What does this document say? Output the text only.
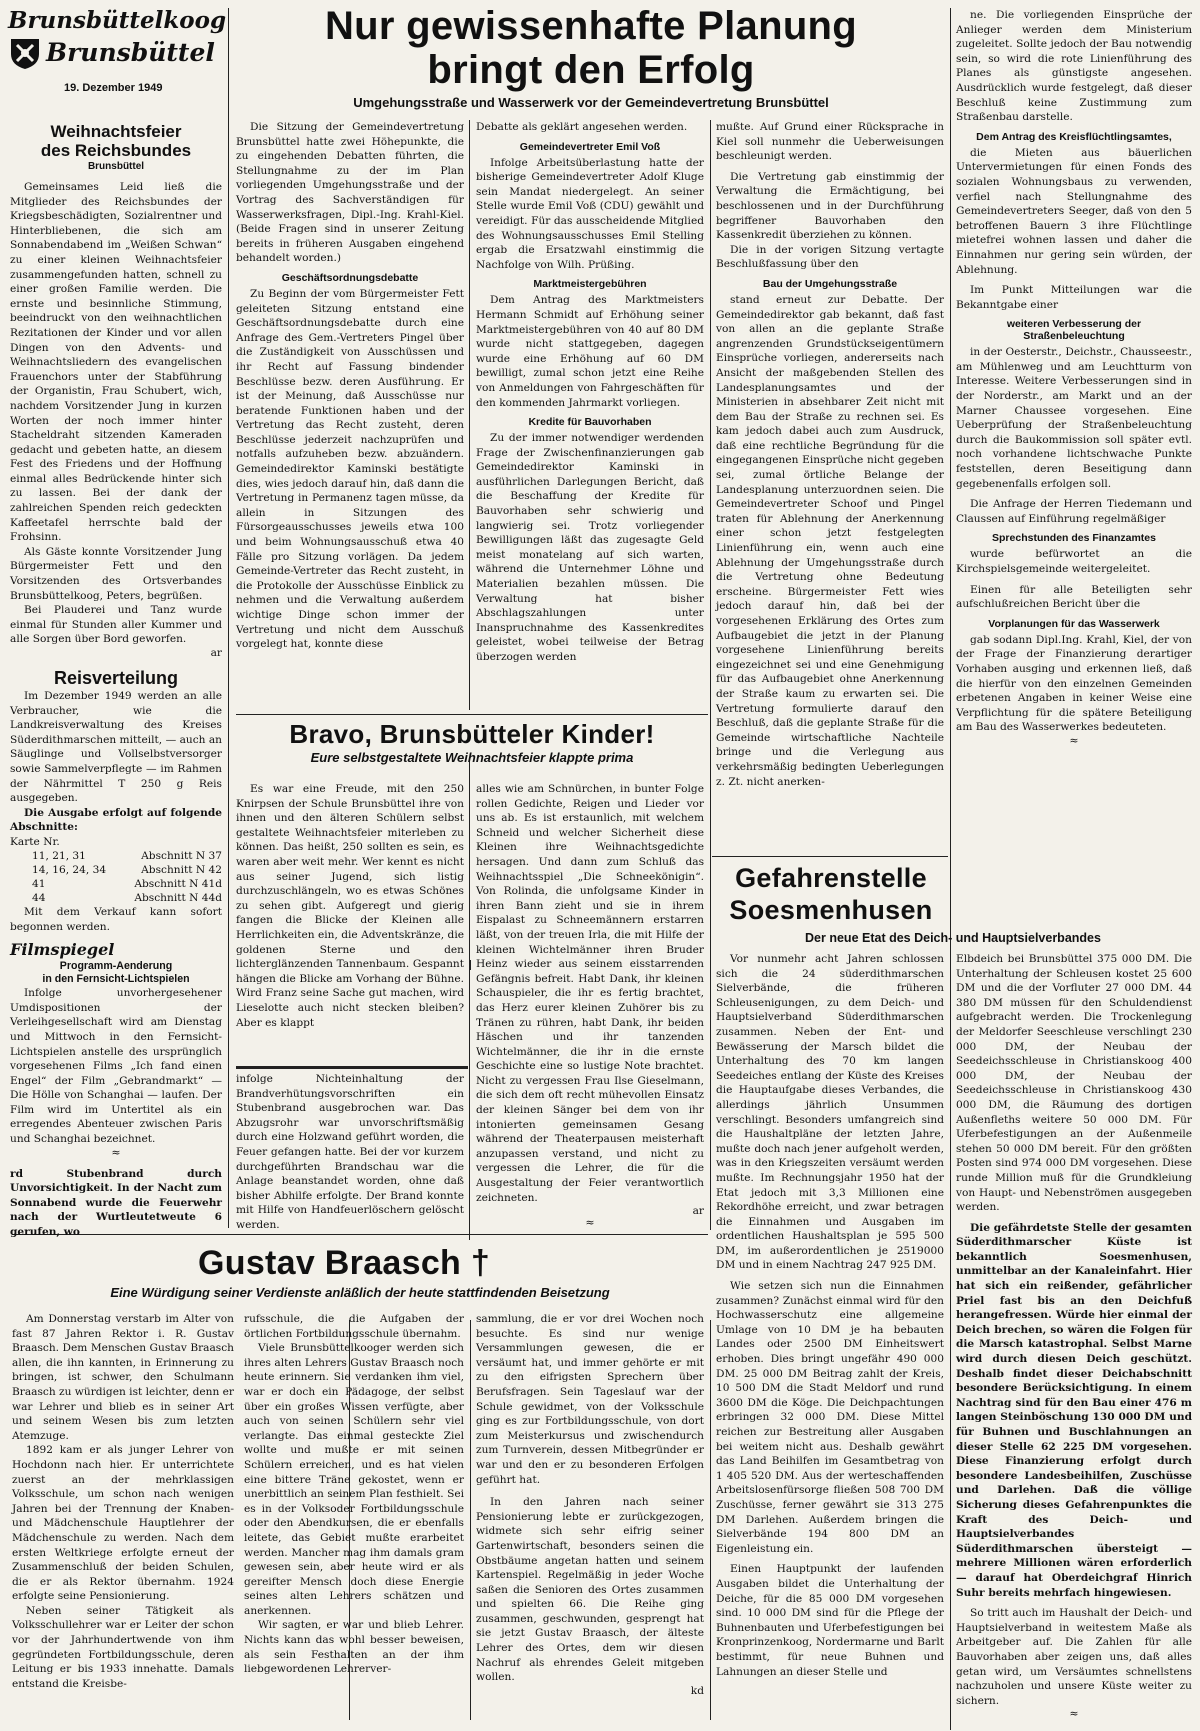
Brunsbüttelkoog
Brunsbüttel
19. Dezember 1949
Nur gewissenhafte Planung
bringt den Erfolg
Umgehungsstraße und Wasserwerk vor der Gemeindevertretung Brunsbüttel
Weihnachtsfeier
des Reichsbundes
Brunsbüttel

Gemeinsames Leid ließ die Mitglieder des Reichsbundes der Kriegsbeschädigten, Sozialrentner und Hinterbliebenen, die sich am Sonnabendabend im „Weißen Schwan“ zu einer kleinen Weihnachtsfeier zusammengefunden hatten, schnell zu einer großen Familie werden. Die ernste und besinnliche Stimmung, beeindruckt von den weihnachtlichen Rezitationen der Kinder und vor allen Dingen von den Advents- und Weihnachtsliedern des evangelischen Frauenchors unter der Stabführung der Organistin, Frau Schubert, wich, nachdem Vorsitzender Jung in kurzen Worten der noch immer hinter Stacheldraht sitzenden Kameraden gedacht und gebeten hatte, an diesem Fest des Friedens und der Hoffnung einmal alles Bedrückende hinter sich zu lassen. Bei der dank der zahlreichen Spenden reich gedeckten Kaffeetafel herrschte bald der Frohsinn.

Als Gäste konnte Vorsitzender Jung Bürgermeister Fett und den Vorsitzenden des Ortsverbandes Brunsbüttelkoog, Peters, begrüßen.

Bei Plauderei und Tanz wurde einmal für Stunden aller Kummer und alle Sorgen über Bord geworfen.

ar
Reisverteilung

Im Dezember 1949 werden an alle Verbraucher, wie die Landkreisverwaltung des Kreises Süderdithmarschen mitteilt, — auch an Säuglinge und Vollselbstversorger sowie Sammelverpflegte — im Rahmen der Nährmittel T 250 g Reis ausgegeben.

Die Ausgabe erfolgt auf folgende Abschnitte:

Karte Nr.
11, 21, 31	Abschnitt N 37
14, 16, 24, 34	Abschnitt N 42
41	Abschnitt N 41d
44	Abschnitt N 44d

Mit dem Verkauf kann sofort begonnen werden.

Filmspiegel
Programm-Aenderung
in den Fernsicht-Lichtspielen

Infolge unvorhergesehener Umdispositionen der Verleihgesellschaft wird am Dienstag und Mittwoch in den Fernsicht-Lichtspielen anstelle des ursprünglich vorgesehenen Films „Ich fand einen Engel“ der Film „Gebrandmarkt“ — Die Hölle von Schanghai — laufen. Der Film wird im Untertitel als ein erregendes Abenteuer zwischen Paris und Schanghai bezeichnet.

≈

rd Stubenbrand durch Unvorsichtigkeit. In der Nacht zum Sonnabend wurde die Feuerwehr nach der Wurtleutetweute 6 gerufen, wo

Die Sitzung der Gemeindevertretung Brunsbüttel hatte zwei Höhepunkte, die zu eingehenden Debatten führten, die Stellungnahme zu der im Plan vorliegenden Umgehungsstraße und der Vortrag des Sachverständigen für Wasserwerksfragen, Dipl.-Ing. Krahl-Kiel. (Beide Fragen sind in unserer Zeitung bereits in früheren Ausgaben eingehend behandelt worden.)

Geschäftsordnungsdebatte

Zu Beginn der vom Bürgermeister Fett geleiteten Sitzung entstand eine Geschäftsordnungsdebatte durch eine Anfrage des Gem.-Vertreters Pingel über die Zuständigkeit von Ausschüssen und ihr Recht auf Fassung bindender Beschlüsse bezw. deren Ausführung. Er ist der Meinung, daß Ausschüsse nur beratende Funktionen haben und der Vertretung das Recht zusteht, deren Beschlüsse jederzeit nachzuprüfen und notfalls aufzuheben bezw. abzuändern. Gemeindedirektor Kaminski bestätigte dies, wies jedoch darauf hin, daß dann die Vertretung in Permanenz tagen müsse, da allein in Sitzungen des Fürsorgeausschusses jeweils etwa 100 und beim Wohnungsausschuß etwa 40 Fälle pro Sitzung vorlägen. Da jedem Gemeinde-Vertreter das Recht zusteht, in die Protokolle der Ausschüsse Einblick zu nehmen und die Verwaltung außerdem wichtige Dinge schon immer der Vertretung und nicht dem Ausschuß vorgelegt hat, konnte diese

Debatte als geklärt angesehen werden.

Gemeindevertreter Emil Voß

Infolge Arbeitsüberlastung hatte der bisherige Gemeindevertreter Adolf Kluge sein Mandat niedergelegt. An seiner Stelle wurde Emil Voß (CDU) gewählt und vereidigt. Für das ausscheidende Mitglied des Wohnungsausschusses Emil Stelling ergab die Ersatzwahl einstimmig die Nachfolge von Wilh. Prüßing.

Marktmeistergebühren

Dem Antrag des Marktmeisters Hermann Schmidt auf Erhöhung seiner Marktmeistergebühren von 40 auf 80 DM wurde nicht stattgegeben, dagegen wurde eine Erhöhung auf 60 DM bewilligt, zumal schon jetzt eine Reihe von Anmeldungen von Fahrgeschäften für den kommenden Jahrmarkt vorliegen.

Kredite für Bauvorhaben

Zu der immer notwendiger werdenden Frage der Zwischenfinanzierungen gab Gemeindedirektor Kaminski in ausführlichen Darlegungen Bericht, daß die Beschaffung der Kredite für Bauvorhaben sehr schwierig und langwierig sei. Trotz vorliegender Bewilligungen läßt das zugesagte Geld meist monatelang auf sich warten, während die Unternehmer Löhne und Materialien bezahlen müssen. Die Verwaltung hat bisher Abschlagszahlungen unter Inanspruchnahme des Kassenkredites geleistet, wobei teilweise der Betrag überzogen werden

mußte. Auf Grund einer Rücksprache in Kiel soll nunmehr die Ueberweisungen beschleunigt werden.

Die Vertretung gab einstimmig der Verwaltung die Ermächtigung, bei beschlossenen und in der Durchführung begriffener Bauvorhaben den Kassenkredit überziehen zu können.

Die in der vorigen Sitzung vertagte Beschlußfassung über den

Bau der Umgehungsstraße

stand erneut zur Debatte. Der Gemeindedirektor gab bekannt, daß fast von allen an die geplante Straße angrenzenden Grundstückseigentümern Einsprüche vorliegen, andererseits nach Ansicht der maßgebenden Stellen des Landesplanungsamtes und der Ministerien in absehbarer Zeit nicht mit dem Bau der Straße zu rechnen sei. Es kam jedoch dabei auch zum Ausdruck, daß eine rechtliche Begründung für die eingegangenen Einsprüche nicht gegeben sei, zumal örtliche Belange der Landesplanung unterzuordnen seien. Die Gemeindevertreter Schoof und Pingel traten für Ablehnung der Anerkennung einer schon jetzt festgelegten Linienführung ein, wenn auch eine Ablehnung der Umgehungsstraße durch die Vertretung ohne Bedeutung erscheine. Bürgermeister Fett wies jedoch darauf hin, daß bei der vorgesehenen Erklärung des Ortes zum Aufbaugebiet die jetzt in der Planung vorgesehene Linienführung bereits eingezeichnet sei und eine Genehmigung für das Aufbaugebiet ohne Anerkennung der Straße kaum zu erwarten sei. Die Vertretung formulierte darauf den Beschluß, daß die geplante Straße für die Gemeinde wirtschaftliche Nachteile bringe und die Verlegung aus verkehrsmäßig bedingten Ueberlegungen z. Zt. nicht anerken-

ne. Die vorliegenden Einsprüche der Anlieger werden dem Ministerium zugeleitet. Sollte jedoch der Bau notwendig sein, so wird die rote Linienführung des Planes als günstigste angesehen. Ausdrücklich wurde festgelegt, daß dieser Beschluß keine Zustimmung zum Straßenbau darstelle.

Dem Antrag des Kreisflüchtlingsamtes,

die Mieten aus bäuerlichen Untervermietungen für einen Fonds des sozialen Wohnungsbaus zu verwenden, verfiel nach Stellungnahme des Gemeindevertreters Seeger, daß von den 5 betroffenen Bauern 3 ihre Flüchtlinge mietefrei wohnen lassen und daher die Einnahmen nur gering sein würden, der Ablehnung.

Im Punkt Mitteilungen war die Bekanntgabe einer

weiteren Verbesserung der Straßenbeleuchtung

in der Oesterstr., Deichstr., Chausseestr., am Mühlenweg und am Leuchtturm von Interesse. Weitere Verbesserungen sind in der Norderstr., am Markt und an der Marner Chaussee vorgesehen. Eine Ueberprüfung der Straßenbeleuchtung durch die Baukommission soll später evtl. noch vorhandene lichtschwache Punkte feststellen, deren Beseitigung dann gegebenenfalls erfolgen soll.

Die Anfrage der Herren Tiedemann und Claussen auf Einführung regelmäßiger

Sprechstunden des Finanzamtes

wurde befürwortet an die Kirchspielsgemeinde weitergeleitet.

Einen für alle Beteiligten sehr aufschlußreichen Bericht über die

Vorplanungen für das Wasserwerk

gab sodann Dipl.Ing. Krahl, Kiel, der von der Frage der Finanzierung derartiger Vorhaben ausging und erkennen ließ, daß die hierfür von den einzelnen Gemeinden erbetenen Angaben in keiner Weise eine Verpflichtung für die spätere Beteiligung am Bau des Wasserwerkes bedeuteten.

≈
Bravo, Brunsbütteler Kinder!
Eure selbstgestaltete Weihnachtsfeier klappte prima

Es war eine Freude, mit den 250 Knirpsen der Schule Brunsbüttel ihre von ihnen und den älteren Schülern selbst gestaltete Weihnachtsfeier miterleben zu können. Das heißt, 250 sollten es sein, es waren aber weit mehr. Wer kennt es nicht aus seiner Jugend, sich listig durchzuschlängeln, wo es etwas Schönes zu sehen gibt. Aufgeregt und gierig fangen die Blicke der Kleinen alle Herrlichkeiten ein, die Adventskränze, die goldenen Sterne und den lichterglänzenden Tannenbaum. Gespannt hängen die Blicke am Vorhang der Bühne. Wird Franz seine Sache gut machen, wird Lieselotte auch nicht stecken bleiben? Aber es klappt

infolge Nichteinhaltung der Brandverhütungsvorschriften ein Stubenbrand ausgebrochen war. Das Abzugsrohr war unvorschriftsmäßig durch eine Holzwand geführt worden, die Feuer gefangen hatte. Bei der vor kurzem durchgeführten Brandschau war die Anlage beanstandet worden, ohne daß bisher Abhilfe erfolgte. Der Brand konnte mit Hilfe von Handfeuerlöschern gelöscht werden.

alles wie am Schnürchen, in bunter Folge rollen Gedichte, Reigen und Lieder vor uns ab. Es ist erstaunlich, mit welchem Schneid und welcher Sicherheit diese Kleinen ihre Weihnachtsgedichte hersagen. Und dann zum Schluß das Weihnachtsspiel „Die Schneekönigin“. Von Rolinda, die unfolgsame Kinder in ihren Bann zieht und sie in ihrem Eispalast zu Schneemännern erstarren läßt, von der treuen Irla, die mit Hilfe der kleinen Wichtelmänner ihren Bruder Heinz wieder aus seinem eisstarrenden Gefängnis befreit. Habt Dank, ihr kleinen Schauspieler, die ihr es fertig brachtet, das Herz eurer kleinen Zuhörer bis zu Tränen zu rühren, habt Dank, ihr beiden Häschen und ihr tanzenden Wichtelmänner, die ihr in die ernste Geschichte eine so lustige Note brachtet. Nicht zu vergessen Frau Ilse Gieselmann, die sich dem oft recht mühevollen Einsatz der kleinen Sänger bei dem von ihr intonierten gemeinsamen Gesang während der Theaterpausen meisterhaft anzupassen verstand, und nicht zu vergessen die Lehrer, die für die Ausgestaltung der Feier verantwortlich zeichneten.

ar
≈
Gefahrenstelle
Soesmenhusen
Der neue Etat des Deich- und Hauptsielverbandes

Vor nunmehr acht Jahren schlossen sich die 24 süderdithmarschen Sielverbände, die früheren Schleusenigungen, zu dem Deich- und Hauptsielverband Süderdithmarschen zusammen. Neben der Ent- und Bewässerung der Marsch bildet die Unterhaltung des 70 km langen Seedeiches entlang der Küste des Kreises die Hauptaufgabe dieses Verbandes, die allerdings jährlich Unsummen verschlingt. Besonders umfangreich sind die Haushaltpläne der letzten Jahre, mußte doch nach jener aufgeholt werden, was in den Kriegszeiten versäumt werden mußte. Im Rechnungsjahr 1950 hat der Etat jedoch mit 3,3 Millionen eine Rekordhöhe erreicht, und zwar betragen die Einnahmen und Ausgaben im ordentlichen Haushaltsplan je 595 500 DM, im außerordentlichen je 2519000 DM und in einem Nachtrag 247 925 DM.

Wie setzen sich nun die Einnahmen zusammen? Zunächst einmal wird für den Hochwasserschutz eine allgemeine Umlage von 10 DM je ha bebauten Landes oder 2500 DM Einheitswert erhoben. Dies bringt ungefähr 490 000 DM. 25 000 DM Beitrag zahlt der Kreis, 10 500 DM die Stadt Meldorf und rund 3600 DM die Köge. Die Deichpachtungen erbringen 32 000 DM. Diese Mittel reichen zur Bestreitung aller Ausgaben bei weitem nicht aus. Deshalb gewährt das Land Beihilfen im Gesamtbetrag von 1 405 520 DM. Aus der werteschaffenden Arbeitslosenfürsorge fließen 508 700 DM Zuschüsse, ferner gewährt sie 313 275 DM Darlehen. Außerdem bringen die Sielverbände 194 800 DM an Eigenleistung ein.

Einen Hauptpunkt der laufenden Ausgaben bildet die Unterhaltung der Deiche, für die 85 000 DM vorgesehen sind. 10 000 DM sind für die Pflege der Buhnenbauten und Uferbefestigungen bei Kronprinzenkoog, Nordermarne und Barlt bestimmt, für neue Buhnen und Lahnungen an dieser Stelle und

Elbdeich bei Brunsbüttel 375 000 DM. Die Unterhaltung der Schleusen kostet 25 600 DM und die der Vorfluter 27 000 DM. 44 380 DM müssen für den Schuldendienst aufgebracht werden. Die Trockenlegung der Meldorfer Seeschleuse verschlingt 230 000 DM, der Neubau der Seedeichsschleuse in Christianskoog 400 000 DM, der Neubau der Seedeichsschleuse in Christianskoog 430 000 DM, die Räumung des dortigen Außenfleths weitere 50 000 DM. Für Uferbefestigungen an der Außenmeile stehen 50 000 DM bereit. Für den größten Posten sind 974 000 DM vorgesehen. Diese runde Million muß für die Grundkleiung von Haupt- und Nebenströmen ausgegeben werden.

Die gefährdetste Stelle der gesamten Süderdithmarscher Küste ist bekanntlich Soesmenhusen, unmittelbar an der Kanaleinfahrt. Hier hat sich ein reißender, gefährlicher Priel fast bis an den Deichfuß herangefressen. Würde hier einmal der Deich brechen, so wären die Folgen für die Marsch katastrophal. Selbst Marne wird durch diesen Deich geschützt. Deshalb findet dieser Deichabschnitt besondere Berücksichtigung. In einem Nachtrag sind für den Bau einer 476 m langen Steinböschung 130 000 DM und für Buhnen und Buschlahnungen an dieser Stelle 62 225 DM vorgesehen. Diese Finanzierung erfolgt durch besondere Landesbeihilfen, Zuschüsse und Darlehen. Daß die völlige Sicherung dieses Gefahrenpunktes die Kraft des Deich- und Hauptsielverbandes Süderdithmarschen übersteigt — mehrere Millionen wären erforderlich — darauf hat Oberdeichgraf Hinrich Suhr bereits mehrfach hingewiesen.

So tritt auch im Haushalt der Deich- und Hauptsielverband in weitestem Maße als Arbeitgeber auf. Die Zahlen für alle Bauvorhaben aber zeigen uns, daß alles getan wird, um Versäumtes schnellstens nachzuholen und unsere Küste weiter zu sichern.

≈
Gustav Braasch †
Eine Würdigung seiner Verdienste anläßlich der heute stattfindenden Beisetzung

Am Donnerstag verstarb im Alter von fast 87 Jahren Rektor i. R. Gustav Braasch. Dem Menschen Gustav Braasch allen, die ihn kannten, in Erinnerung zu bringen, ist schwer, den Schulmann Braasch zu würdigen ist leichter, denn er war Lehrer und blieb es in seiner Art und seinem Wesen bis zum letzten Atemzuge.

1892 kam er als junger Lehrer von Hochdonn nach hier. Er unterrichtete zuerst an der mehrklassigen Volksschule, um schon nach wenigen Jahren bei der Trennung der Knaben- und Mädchenschule Hauptlehrer der Mädchenschule zu werden. Nach dem ersten Weltkriege erfolgte erneut der Zusammenschluß der beiden Schulen, die er als Rektor übernahm. 1924 erfolgte seine Pensionierung.

Neben seiner Tätigkeit als Volksschullehrer war er Leiter der schon vor der Jahrhundertwende von ihm gegründeten Fortbildungsschule, deren Leitung er bis 1933 innehatte. Damals entstand die Kreisbe-

rufsschule, die die Aufgaben der örtlichen Fortbildungsschule übernahm.

Viele Brunsbüttelkooger werden sich ihres alten Lehrers Gustav Braasch noch heute erinnern. Sie verdanken ihm viel, war er doch ein Pädagoge, der selbst über ein großes Wissen verfügte, aber auch von seinen Schülern sehr viel verlangte. Das einmal gesteckte Ziel wollte und mußte er mit seinen Schülern erreichen, und es hat vielen eine bittere Träne gekostet, wenn er unerbittlich an seinem Plan festhielt. Sei es in der Volksoder Fortbildungsschule oder den Abendkursen, die er ebenfalls leitete, das Gebiet mußte erarbeitet werden. Mancher mag ihm damals gram gewesen sein, aber heute wird er als gereifter Mensch doch diese Energie seines alten Lehrers schätzen und anerkennen.

Wir sagten, er war und blieb Lehrer. Nichts kann das wohl besser beweisen, als sein Festhalten an der ihm liebgewordenen Lehrerver-

sammlung, die er vor drei Wochen noch besuchte. Es sind nur wenige Versammlungen gewesen, die er versäumt hat, und immer gehörte er mit zu den eifrigsten Sprechern über Berufsfragen. Sein Tageslauf war der Schule gewidmet, von der Volksschule ging es zur Fortbildungsschule, von dort zum Meisterkursus und zwischendurch zum Turnverein, dessen Mitbegründer er war und den er zu besonderen Erfolgen geführt hat.

In den Jahren nach seiner Pensionierung lebte er zurückgezogen, widmete sich sehr eifrig seiner Gartenwirtschaft, besonders seinen die Obstbäume angetan hatten und seinem Kartenspiel. Regelmäßig in jeder Woche saßen die Senioren des Ortes zusammen und spielten 66. Die Reihe ging zusammen, geschwunden, gesprengt hat sie jetzt Gustav Braasch, der älteste Lehrer des Ortes, dem wir diesen Nachruf als ehrendes Geleit mitgeben wollen.

kd
